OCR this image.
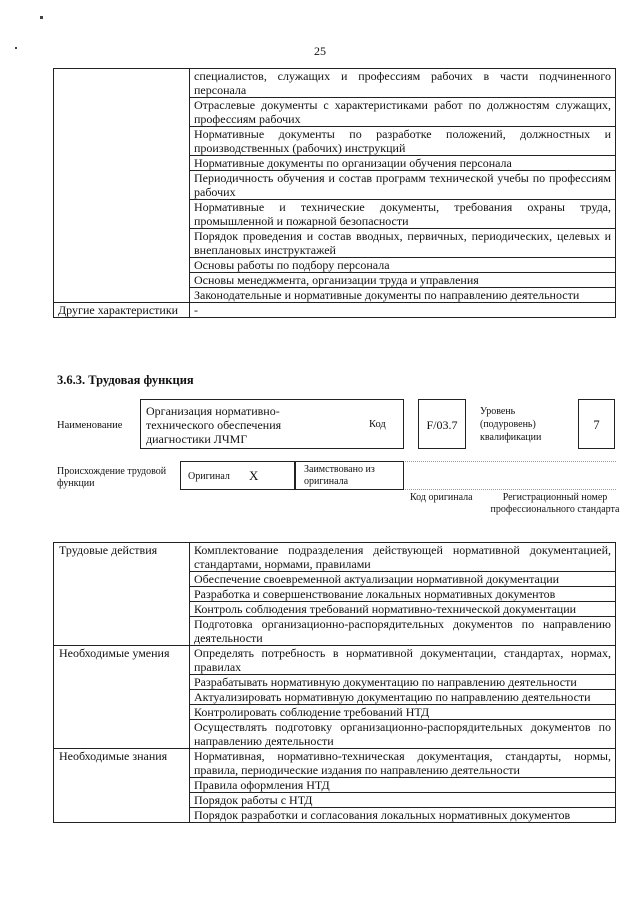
25
	специалистов, служащих и профессиям рабочих в части подчиненного персонала
	Отраслевые документы с характеристиками работ по должностям служащих, профессиям рабочих
	Нормативные документы по разработке положений, должностных и производственных (рабочих) инструкций
	Нормативные документы по организации обучения персонала
	Периодичность обучения и состав программ технической учебы по профессиям рабочих
	Нормативные и технические документы, требования охраны труда, промышленной и пожарной безопасности
	Порядок проведения и состав вводных, первичных, периодических, целевых и внеплановых инструктажей
	Основы работы по подбору персонала
	Основы менеджмента, организации труда и управления
	Законодательные и нормативные документы по направлению деятельности
Другие характеристики	-
3.6.3. Трудовая функция
Наименование
Организация нормативно-технического обеспечения диагностики ЛЧМГ
Код	F/03.7
Уровень (подуровень) квалификации
7
Происхождение трудовой функции
Оригинал X	Заимствовано из оригинала
Код оригинала	Регистрационный номер профессионального стандарта
Трудовые действия	Комплектование подразделения действующей нормативной документацией, стандартами, нормами, правилами
	Обеспечение своевременной актуализации нормативной документации
	Разработка и совершенствование локальных нормативных документов
	Контроль соблюдения требований нормативно-технической документации
	Подготовка организационно-распорядительных документов по направлению деятельности
Необходимые умения	Определять потребность в нормативной документации, стандартах, нормах, правилах
	Разрабатывать нормативную документацию по направлению деятельности
	Актуализировать нормативную документацию по направлению деятельности
	Контролировать соблюдение требований НТД
	Осуществлять подготовку организационно-распорядительных документов по направлению деятельности
Необходимые знания	Нормативная, нормативно-техническая документация, стандарты, нормы, правила, периодические издания по направлению деятельности
	Правила оформления НТД
	Порядок работы с НТД
	Порядок разработки и согласования локальных нормативных документов
